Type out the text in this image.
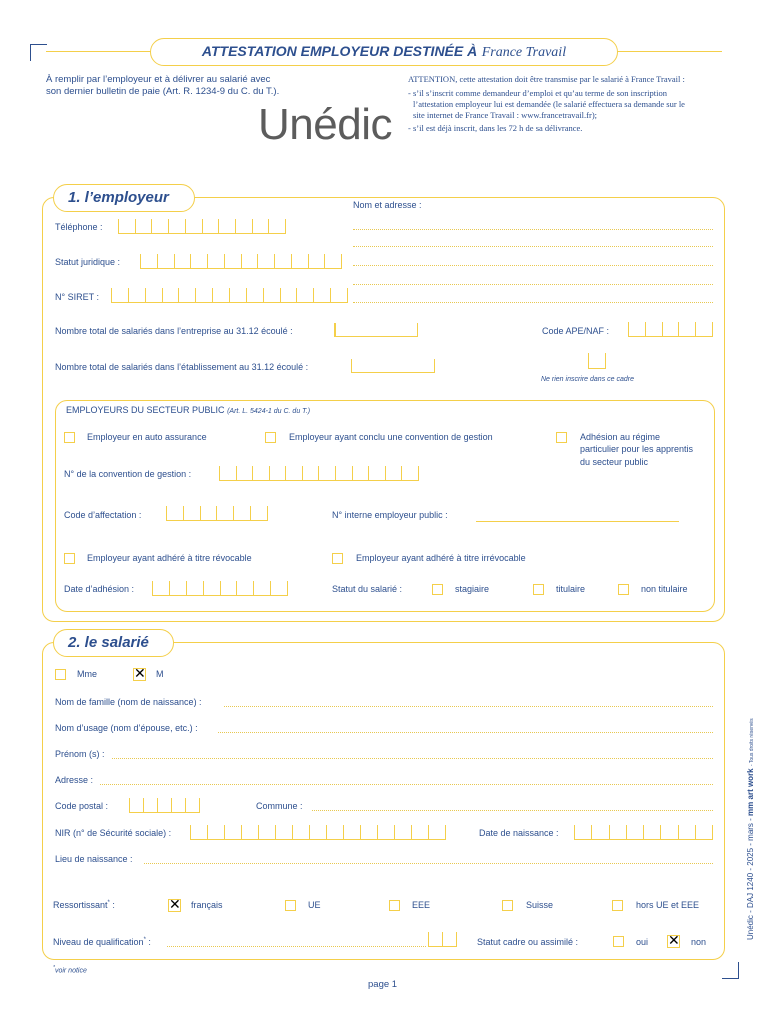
ATTESTATION EMPLOYEUR DESTINÉE À France Travail
À remplir par l’employeur et à délivrer au salarié avec
son dernier bulletin de paie (Art. R. 1234-9 du C. du T.).
Unédic
ATTENTION, cette attestation doit être transmise par le salarié à France Travail :
- s’il s’inscrit comme demandeur d’emploi et qu’au terme de son inscription
l’attestation employeur lui est demandée (le salarié effectuera sa demande sur le
site internet de France Travail : www.francetravail.fr);
- s’il est déjà inscrit, dans les 72 h de sa délivrance.
1. l’employeur
Téléphone :
Statut juridique :
N° SIRET :
Nom et adresse :
Nombre total de salariés dans l’entreprise au 31.12 écoulé :	Code APE/NAF :
Nombre total de salariés dans l’établissement au 31.12 écoulé :
Ne rien inscrire dans ce cadre
EMPLOYEURS DU SECTEUR PUBLIC (Art. L. 5424-1 du C. du T.)
Employeur en auto assurance	Employeur ayant conclu une convention de gestion	Adhésion au régime
particulier pour les apprentis
du secteur public
N° de la convention de gestion :
Code d’affectation :	N° interne employeur public :
Employeur ayant adhéré à titre révocable	Employeur ayant adhéré à titre irrévocable
Date d’adhésion :	Statut du salarié :	stagiaire	titulaire	non titulaire
2. le salarié
Mme	✕ M
Nom de famille (nom de naissance) :
Nom d’usage (nom d’épouse, etc.) :
Prénom (s) :
Adresse :
Code postal :	Commune :
NIR (n° de Sécurité sociale) :	Date de naissance :
Lieu de naissance :
Ressortissant* :	✕ français	UE	EEE	Suisse	hors UE et EEE
Niveau de qualification* :	Statut cadre ou assimilé :	oui ✕ non
*voir notice
page 1
Unédic - DAJ 1240 - 2025 - mars - mm art work - Tous droits réservés
